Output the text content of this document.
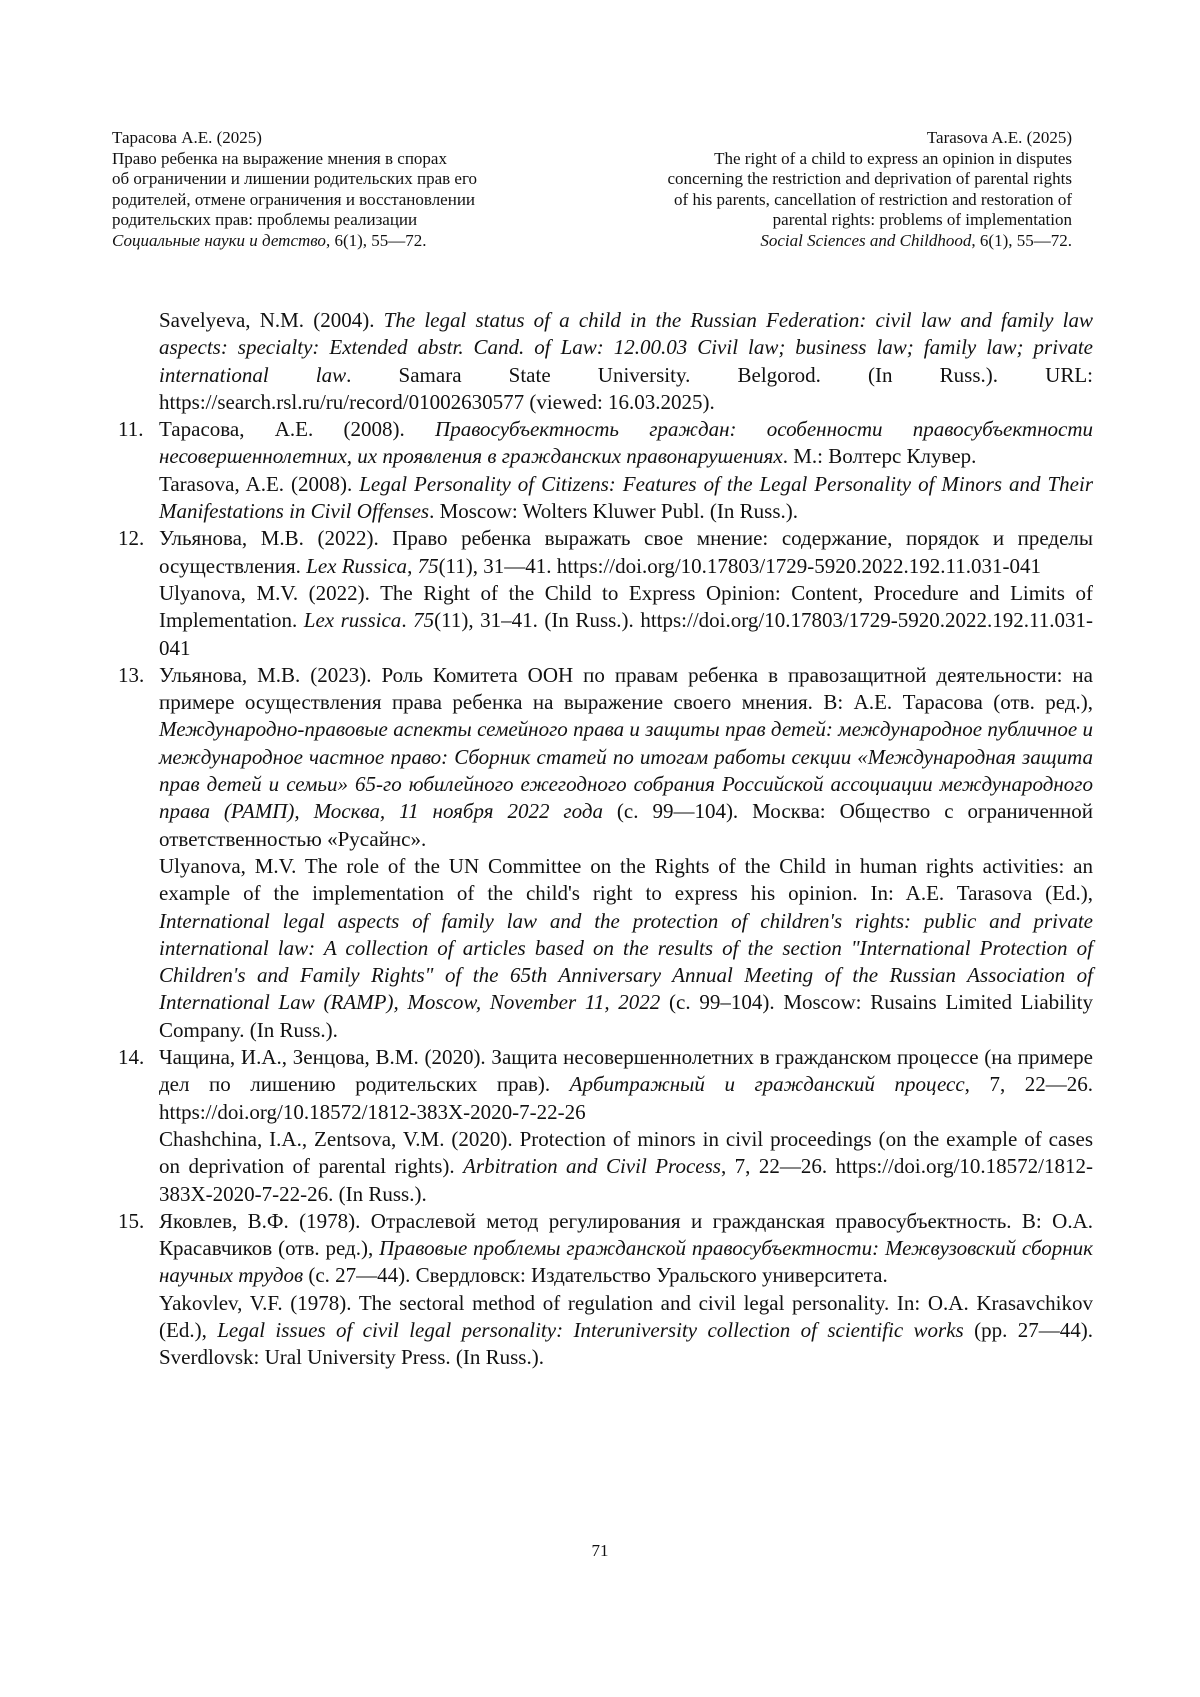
Тарасова А.Е. (2025)
Право ребенка на выражение мнения в спорах
об ограничении и лишении родительских прав его
родителей, отмене ограничения и восстановлении
родительских прав: проблемы реализации
Социальные науки и детство, 6(1), 55—72.
Tarasova A.E. (2025)
The right of a child to express an opinion in disputes
concerning the restriction and deprivation of parental rights
of his parents, cancellation of restriction and restoration of
parental rights: problems of implementation
Social Sciences and Childhood, 6(1), 55—72.

Savelyeva, N.M. (2004). The legal status of a child in the Russian Federation: civil law and family law aspects: specialty: Extended abstr. Cand. of Law: 12.00.03 Civil law; business law; family law; private international law. Samara State University. Belgorod. (In Russ.). URL: https://search.rsl.ru/ru/record/01002630577 (viewed: 16.03.2025).

11. Тарасова, А.Е. (2008). Правосубъектность граждан: особенности правосубъектности несовершеннолетних, их проявления в гражданских правонарушениях. М.: Волтерс Клувер.

Tarasova, A.E. (2008). Legal Personality of Citizens: Features of the Legal Personality of Minors and Their Manifestations in Civil Offenses. Moscow: Wolters Kluwer Publ. (In Russ.).

12. Ульянова, М.В. (2022). Право ребенка выражать свое мнение: содержание, порядок и пределы осуществления. Lex Russica, 75(11), 31—41. https://doi.org/10.17803/1729-5920.2022.192.11.031-041

Ulyanova, M.V. (2022). The Right of the Child to Express Opinion: Content, Procedure and Limits of Implementation. Lex russica. 75(11), 31–41. (In Russ.). https://doi.org/10.17803/1729-5920.2022.192.11.031-041

13. Ульянова, М.В. (2023). Роль Комитета ООН по правам ребенка в правозащитной деятельности: на примере осуществления права ребенка на выражение своего мнения. В: А.Е. Тарасова (отв. ред.), Международно-правовые аспекты семейного права и защиты прав детей: международное публичное и международное частное право: Сборник статей по итогам работы секции «Международная защита прав детей и семьи» 65-го юбилейного ежегодного собрания Российской ассоциации международного права (РАМП), Москва, 11 ноября 2022 года (с. 99—104). Москва: Общество с ограниченной ответственностью «Русайнс».

Ulyanova, M.V. The role of the UN Committee on the Rights of the Child in human rights activities: an example of the implementation of the child's right to express his opinion. In: A.E. Tarasova (Ed.), International legal aspects of family law and the protection of children's rights: public and private international law: A collection of articles based on the results of the section "International Protection of Children's and Family Rights" of the 65th Anniversary Annual Meeting of the Russian Association of International Law (RAMP), Moscow, November 11, 2022 (c. 99–104). Moscow: Rusains Limited Liability Company. (In Russ.).

14. Чащина, И.А., Зенцова, В.М. (2020). Защита несовершеннолетних в гражданском процессе (на примере дел по лишению родительских прав). Арбитражный и гражданский процесс, 7, 22—26. https://doi.org/10.18572/1812-383X-2020-7-22-26

Chashchina, I.A., Zentsova, V.M. (2020). Protection of minors in civil proceedings (on the example of cases on deprivation of parental rights). Arbitration and Civil Process, 7, 22—26. https://doi.org/10.18572/1812-383X-2020-7-22-26. (In Russ.).

15. Яковлев, В.Ф. (1978). Отраслевой метод регулирования и гражданская правосубъектность. В: О.А. Красавчиков (отв. ред.), Правовые проблемы гражданской правосубъектности: Межвузовский сборник научных трудов (с. 27—44). Свердловск: Издательство Уральского университета.

Yakovlev, V.F. (1978). The sectoral method of regulation and civil legal personality. In: O.A. Krasavchikov (Ed.), Legal issues of civil legal personality: Interuniversity collection of scientific works (pp. 27—44). Sverdlovsk: Ural University Press. (In Russ.).

71
